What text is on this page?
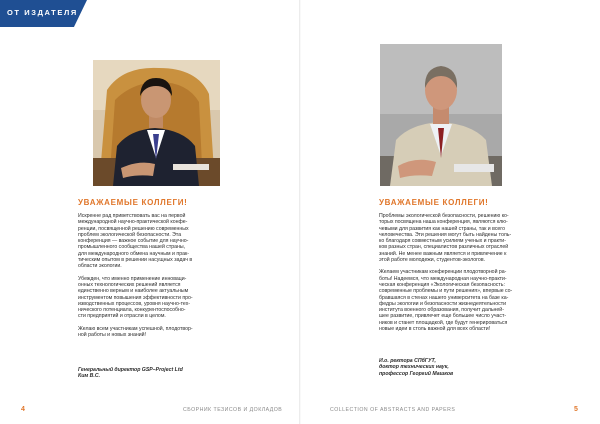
ОТ ИЗДАТЕЛЯ
УВАЖАЕМЫЕ КОЛЛЕГИ!	УВАЖАЕМЫЕ КОЛЛЕГИ!

Искренне рад приветствовать вас на первой
международной научно-практической конфе-
ренции, посвященной решению современных
проблем экологической безопасности. Эта
конференция — важное событие для научно-
промышленного сообщества нашей страны,
для международного обмена научным и прак-
тическим опытом в решении насущных задач в
области экологии.

Убежден, что именно применение инноваци-
онных технологических решений является
единственно верным и наиболее актуальным
инструментом повышения эффективности про-
изводственных процессов, уровня научно-тех-
нического потенциала, конкурентоспособно-
сти предприятий и отрасли в целом.

Желаю всем участникам успешной, плодотвор-
ной работы и новых знаний!

Генеральный директор GSP–Project Ltd
Ким В.С.

Проблемы экологической безопасности, решению ко-
торых посвящена наша конференция, являются клю-
чевыми для развития как нашей страны, так и всего
человечества. Эти решения могут быть найдены толь-
ко благодаря совместным усилиям ученых и практи-
ков разных стран, специалистов различных отраслей
знаний. Не менее важным является и привлечение к
этой работе молодежи, студентов-экологов.

Желаем участникам конференции плодотворной ра-
боты! Надеемся, что международная научно-практи-
ческая конференция «Экологическая безопасность:
современные проблемы и пути решения», впервые со-
бравшаяся в стенах нашего университета на базе ка-
федры экологии и безопасности жизнедеятельности
института военного образования, получит дальней-
шее развитие, привлечет еще большее число участ-
ников и станет площадкой, где будут генерироваться
новые идеи в столь важной для всех области!

И.о. ректора СПбГУТ,
доктор технических наук,
профессор Георгий Машков
4	СБОРНИК ТЕЗИСОВ И ДОКЛАДОВ	COLLECTION OF ABSTRACTS AND PAPERS	5
